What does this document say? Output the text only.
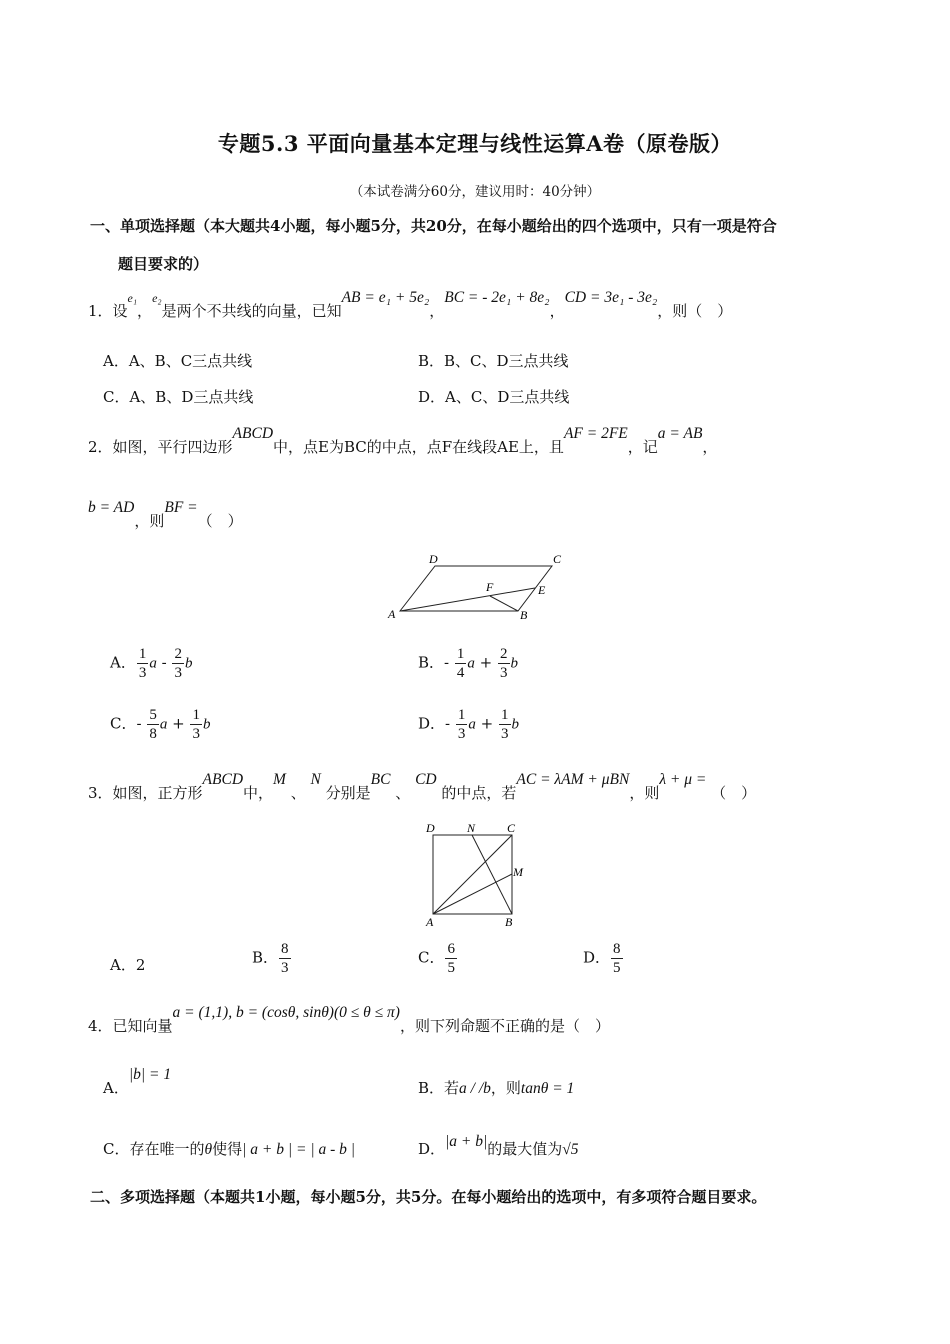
专题5.3 平面向量基本定理与线性运算A卷（原卷版）
（本试卷满分60分，建议用时：40分钟）
一、单项选择题（本大题共4小题，每小题5分，共20分，在每小题给出的四个选项中，只有一项是符合
题目要求的）
1．设$^{e_1}$，$^{e_2}$是两个不共线的向量，已知AB = e₁ + 5e₂，BC = - 2e₁ + 8e₂，CD = 3e₁ - 3e₂，则（　）
A．A、B、C三点共线	B．B、C、D三点共线
C．A、B、D三点共线	D．A、C、D三点共线
2．如图，平行四边形ABCD中，点E为BC的中点，点F在线段AE上，且AF = 2FE，记a = AB，
b = AD，则BF =（　）
D	C
F	E
A	B
A． $\frac{1}{3}$ a - $\frac{2}{3}$ b	B．- $\frac{1}{4}$ $a + \frac{2}{3}$ b
C．- $\frac{5}{8}$ $a + \frac{1}{3}$ b	D．- $\frac{1}{3}$ $a + \frac{1}{3}$ b
3．如图，正方形ABCD中，M 、 N 分别是BC 、 CD 的中点，若AC = λAM + μBN，则λ + μ = （　）
D	N	C
M
A	B
A．2	B． $\frac{8}{3}$	C． $\frac{6}{5}$	D． $\frac{8}{5}$
4．已知向量a = (1,1), b = (cosθ, sinθ)(0 ≤ θ ≤ π)，则下列命题不正确的是（　）
A．|b| = 1
B．若a / /b，则tanθ = 1
C．存在唯一的θ使得| a + b | = | a - b |	D．|a + b|的最大值为√5
二、多项选择题（本题共1小题，每小题5分，共5分。在每小题给出的选项中，有多项符合题目要求。
